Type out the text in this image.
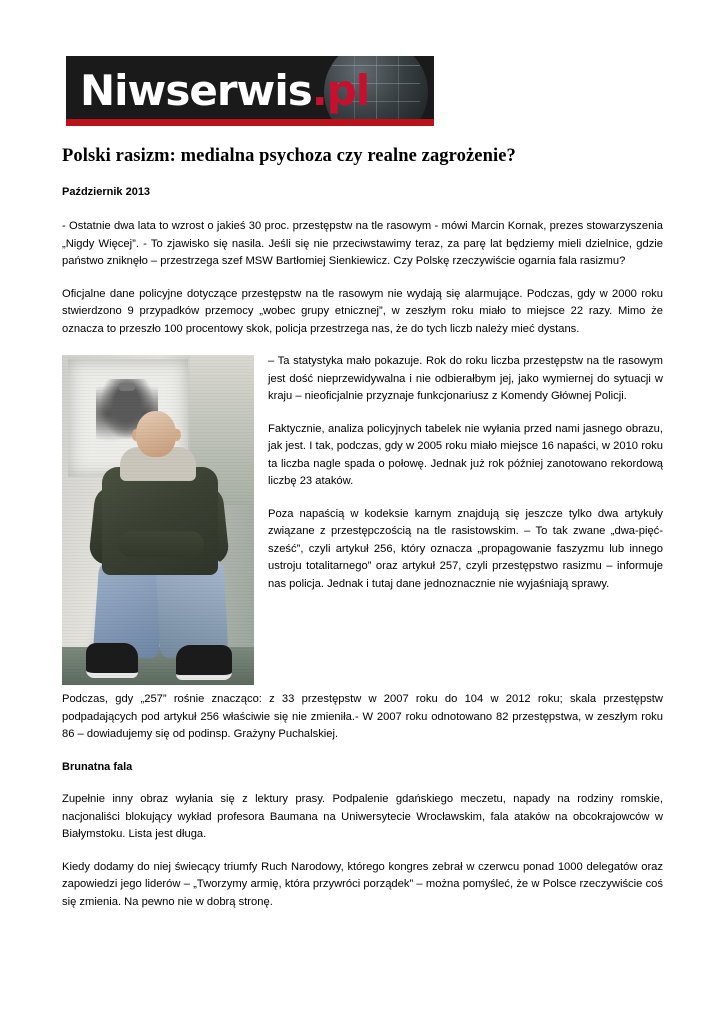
Niwserwis.pl
Polski rasizm: medialna psychoza czy realne zagrożenie?
Październik 2013

- Ostatnie dwa lata to wzrost o jakieś 30 proc. przestępstw na tle rasowym - mówi Marcin Kornak, prezes stowarzyszenia „Nigdy Więcej”. - To zjawisko się nasila. Jeśli się nie przeciwstawimy teraz, za parę lat będziemy mieli dzielnice, gdzie państwo zniknęło – przestrzega szef MSW Bartłomiej Sienkiewicz. Czy Polskę rzeczywiście ogarnia fala rasizmu?

Oficjalne dane policyjne dotyczące przestępstw na tle rasowym nie wydają się alarmujące. Podczas, gdy w 2000 roku stwierdzono 9 przypadków przemocy „wobec grupy etnicznej”, w zeszłym roku miało to miejsce 22 razy. Mimo że oznacza to przeszło 100 procentowy skok, policja przestrzega nas, że do tych liczb należy mieć dystans.

– Ta statystyka mało pokazuje. Rok do roku liczba przestępstw na tle rasowym jest dość nieprzewidywalna i nie odbierałbym jej, jako wymiernej do sytuacji w kraju – nieoficjalnie przyznaje funkcjonariusz z Komendy Głównej Policji.

Faktycznie, analiza policyjnych tabelek nie wyłania przed nami jasnego obrazu, jak jest. I tak, podczas, gdy w 2005 roku miało miejsce 16 napaści, w 2010 roku ta liczba nagle spada o połowę. Jednak już rok później zanotowano rekordową liczbę 23 ataków.

Poza napaścią w kodeksie karnym znajdują się jeszcze tylko dwa artykuły związane z przestępczością na tle rasistowskim. – To tak zwane „dwa-pięć-sześć”, czyli artykuł 256, który oznacza „propagowanie faszyzmu lub innego ustroju totalitarnego” oraz artykuł 257, czyli przestępstwo rasizmu – informuje nas policja. Jednak i tutaj dane jednoznacznie nie wyjaśniają sprawy.

Podczas, gdy „257” rośnie znacząco: z 33 przestępstw w 2007 roku do 104 w 2012 roku; skala przestępstw podpadających pod artykuł 256 właściwie się nie zmieniła.- W 2007 roku odnotowano 82 przestępstwa, w zeszłym roku 86 – dowiadujemy się od podinsp. Grażyny Puchalskiej.

Brunatna fala

Zupełnie inny obraz wyłania się z lektury prasy. Podpalenie gdańskiego meczetu, napady na rodziny romskie, nacjonaliści blokujący wykład profesora Baumana na Uniwersytecie Wrocławskim, fala ataków na obcokrajowców w Białymstoku. Lista jest długa.

Kiedy dodamy do niej świecący triumfy Ruch Narodowy, którego kongres zebrał w czerwcu ponad 1000 delegatów oraz zapowiedzi jego liderów – „Tworzymy armię, która przywróci porządek” – można pomyśleć, że w Polsce rzeczywiście coś się zmienia. Na pewno nie w dobrą stronę.
